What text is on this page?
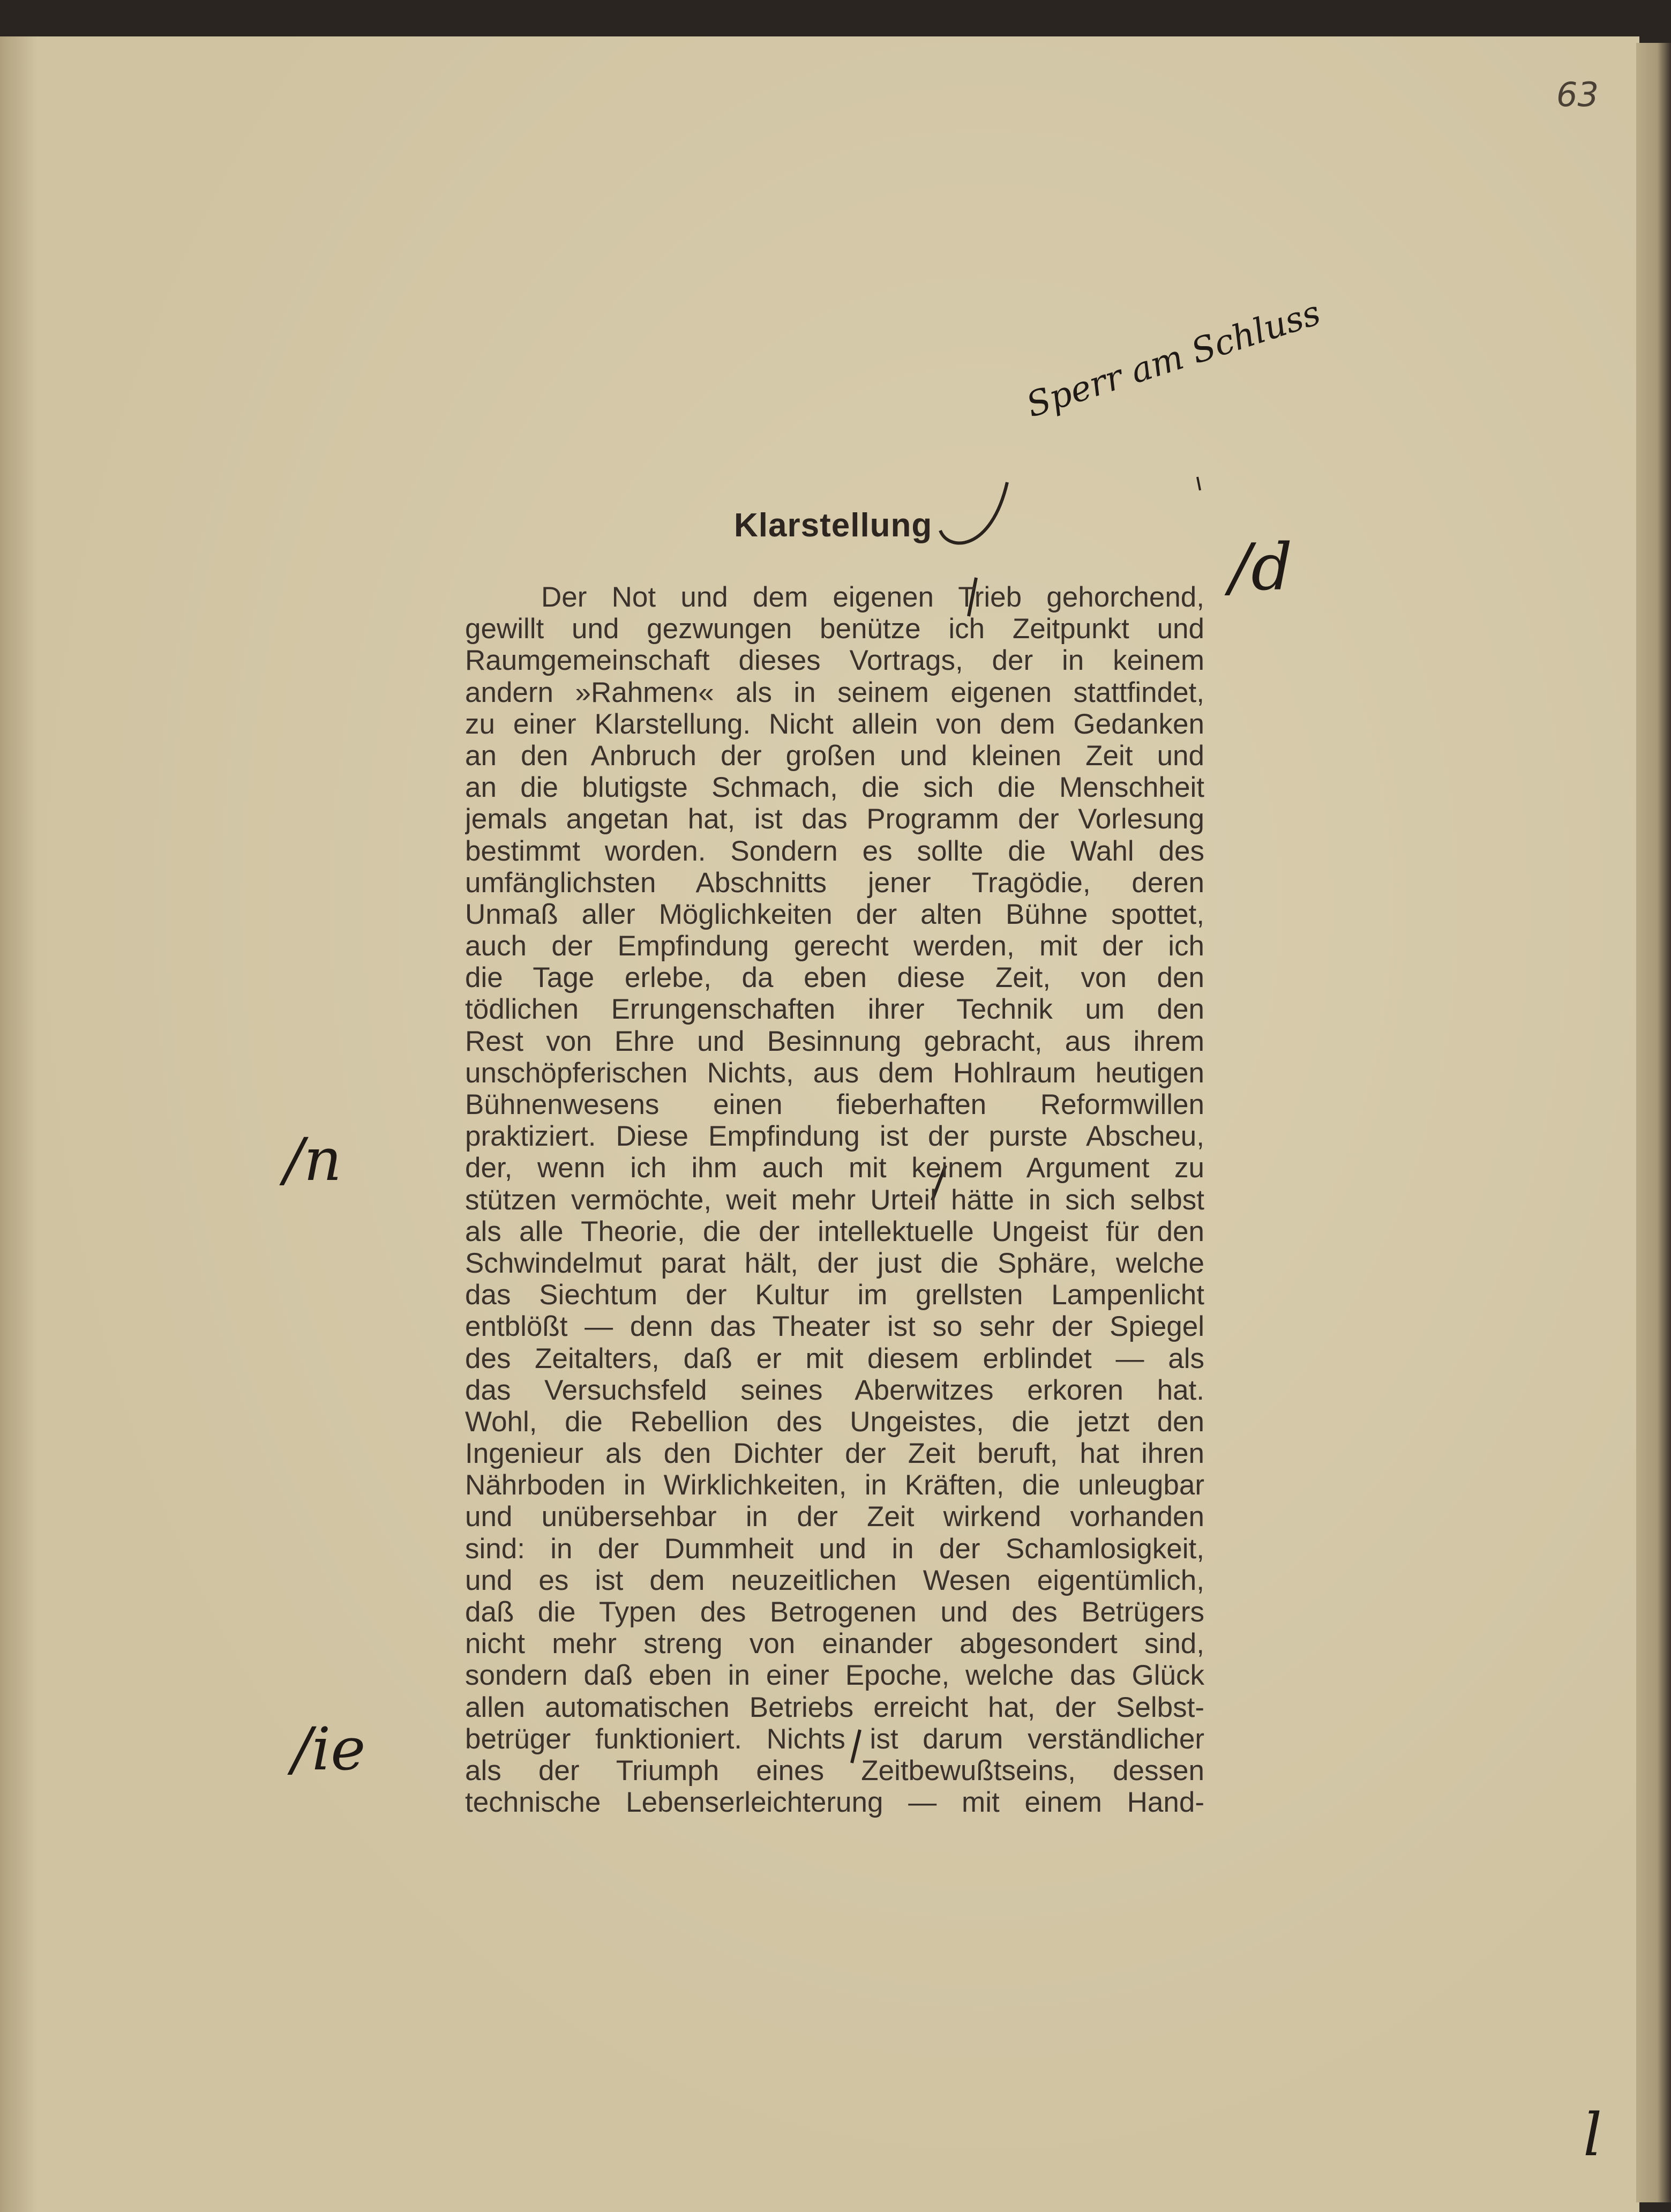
63
Sperr am Schluss
/d
/n
/ie
l
Klarstellung
Der Not und dem eigenen Trieb gehorchend,
gewillt und gezwungen benütze ich Zeitpunkt und
Raumgemeinschaft dieses Vortrags, der in keinem
andern »Rahmen« als in seinem eigenen stattfindet,
zu einer Klarstellung. Nicht allein von dem Gedanken
an den Anbruch der großen und kleinen Zeit und
an die blutigste Schmach, die sich die Menschheit
jemals angetan hat, ist das Programm der Vorlesung
bestimmt worden. Sondern es sollte die Wahl des
umfänglichsten Abschnitts jener Tragödie, deren
Unmaß aller Möglichkeiten der alten Bühne spottet,
auch der Empfindung gerecht werden, mit der ich
die Tage erlebe, da eben diese Zeit, von den
tödlichen Errungenschaften ihrer Technik um den
Rest von Ehre und Besinnung gebracht, aus ihrem
unschöpferischen Nichts, aus dem Hohlraum heutigen
Bühnenwesens einen fieberhaften Reformwillen
praktiziert. Diese Empfindung ist der purste Abscheu,
der, wenn ich ihm auch mit keinem Argument zu
stützen vermöchte, weit mehr Urteil hätte in sich selbst
als alle Theorie, die der intellektuelle Ungeist für den
Schwindelmut parat hält, der just die Sphäre, welche
das Siechtum der Kultur im grellsten Lampenlicht
entblößt — denn das Theater ist so sehr der Spiegel
des Zeitalters, daß er mit diesem erblindet — als
das Versuchsfeld seines Aberwitzes erkoren hat.
Wohl, die Rebellion des Ungeistes, die jetzt den
Ingenieur als den Dichter der Zeit beruft, hat ihren
Nährboden in Wirklichkeiten, in Kräften, die unleugbar
und unübersehbar in der Zeit wirkend vorhanden
sind: in der Dummheit und in der Schamlosigkeit,
und es ist dem neuzeitlichen Wesen eigentümlich,
daß die Typen des Betrogenen und des Betrügers
nicht mehr streng von einander abgesondert sind,
sondern daß eben in einer Epoche, welche das Glück
allen automatischen Betriebs erreicht hat, der Selbst-
betrüger funktioniert. Nichts ist darum verständlicher
als der Triumph eines Zeitbewußtseins, dessen
technische Lebenserleichterung — mit einem Hand-
